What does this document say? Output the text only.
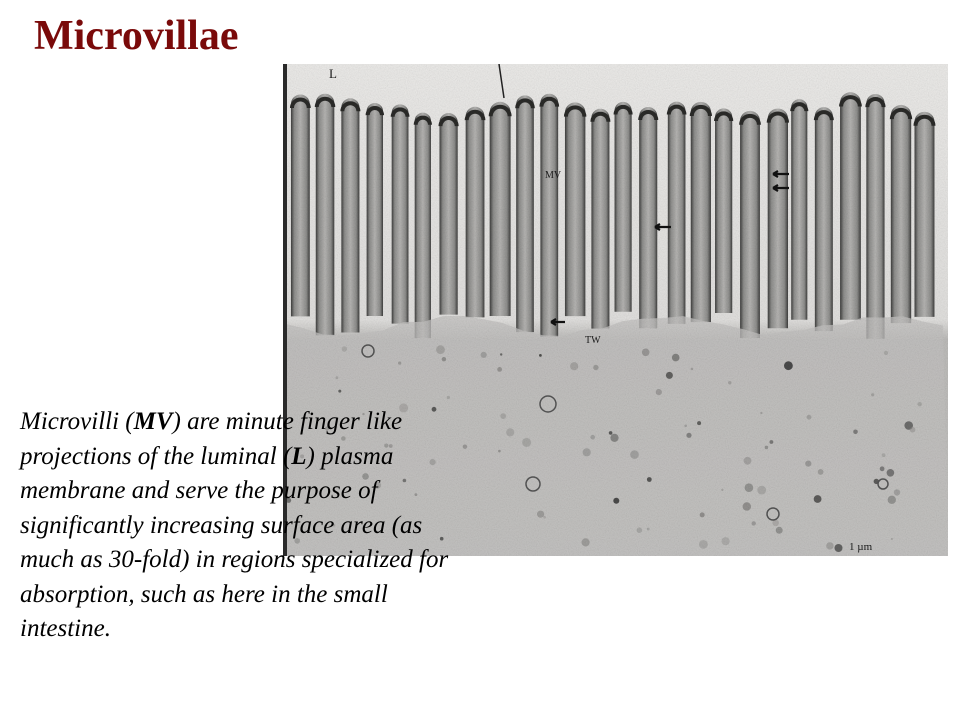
Microvillae
L
MV
TW
1 µm

Microvilli (MV) are minute finger like projections of the luminal (L) plasma membrane and serve the purpose of significantly increasing surface area (as much as 30-fold) in regions specialized for absorption, such as here in the small intestine.
